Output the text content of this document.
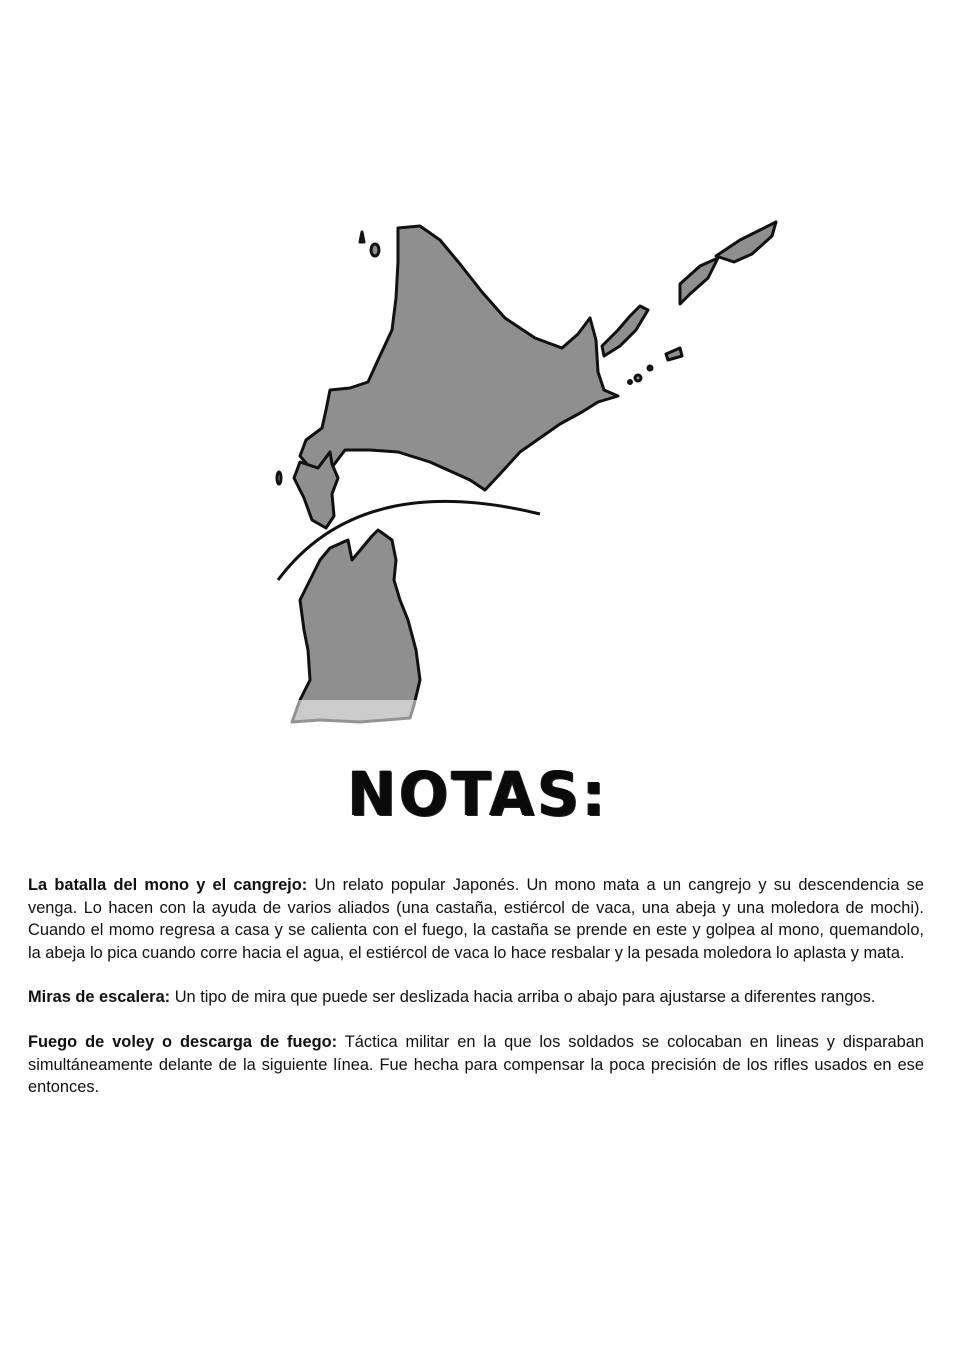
NOTAS:

La batalla del mono y el cangrejo: Un relato popular Japonés. Un mono mata a un cangrejo y su descendencia se venga. Lo hacen con la ayuda de varios aliados (una castaña, estiércol de vaca, una abeja y una moledora de mochi). Cuando el momo regresa a casa y se calienta con el fuego, la castaña se prende en este y golpea al mono, quemandolo, la abeja lo pica cuando corre hacia el agua, el estiércol de vaca lo hace resbalar y la pesada moledora lo aplasta y mata.

Miras de escalera: Un tipo de mira que puede ser deslizada hacia arriba o abajo para ajustarse a diferentes rangos.

Fuego de voley o descarga de fuego: Táctica militar en la que los soldados se colocaban en lineas y disparaban simultáneamente delante de la siguiente línea. Fue hecha para compensar la poca precisión de los rifles usados en ese entonces.
